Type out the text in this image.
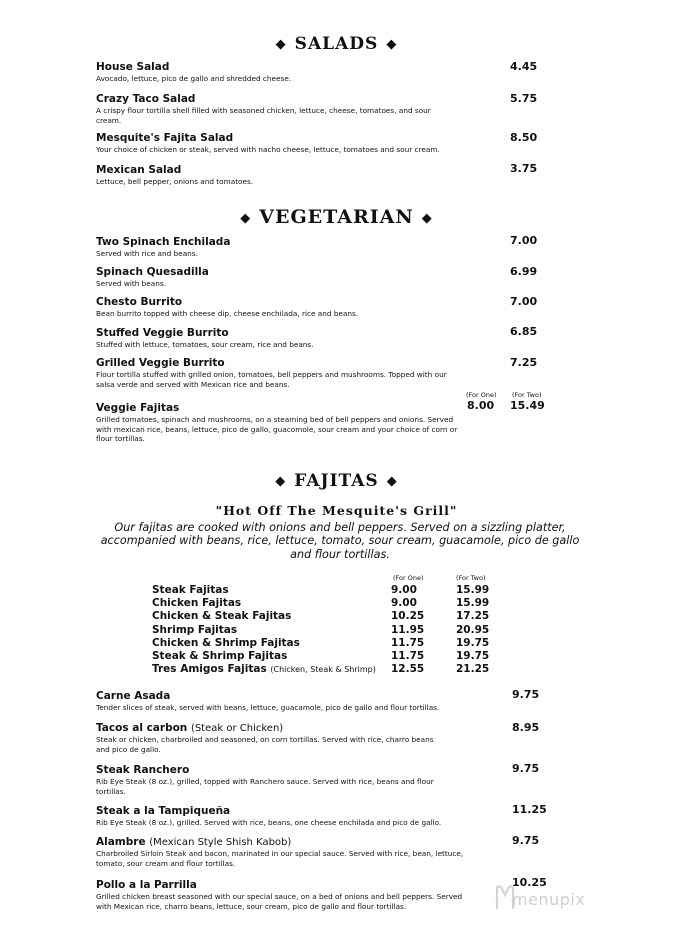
◆ SALADS ◆
House Salad
Avocado, lettuce, pico de gallo and shredded cheese.
4.45
Crazy Taco Salad
A crispy flour tortilla shell filled with seasoned chicken, lettuce, cheese, tomatoes, and sour cream.
5.75
Mesquite's Fajita Salad
Your choice of chicken or steak, served with nacho cheese, lettuce, tomatoes and sour cream.
8.50
Mexican Salad
Lettuce, bell pepper, onions and tomatoes.
3.75
◆ VEGETARIAN ◆
Two Spinach Enchilada
Served with rice and beans.
7.00
Spinach Quesadilla
Served with beans.
6.99
Chesto Burrito
Bean burrito topped with cheese dip, cheese enchilada, rice and beans.
7.00
Stuffed Veggie Burrito
Stuffed with lettuce, tomatoes, sour cream, rice and beans.
6.85
Grilled Veggie Burrito
Flour tortilla stuffed with grilled onion, tomatoes, bell peppers and mushrooms. Topped with our salsa verde and served with Mexican rice and beans.
7.25
(For One) (For Two)
Veggie Fajitas
Grilled tomatoes, spinach and mushrooms, on a steaming bed of bell peppers and onions. Served with mexican rice, beans, lettuce, pico de gallo, guacomole, sour cream and your choice of corn or flour tortillas.
8.00 15.49
◆ FAJITAS ◆
"Hot Off The Mesquite's Grill"
Our fajitas are cooked with onions and bell peppers. Served on a sizzling platter, accompanied with beans, rice, lettuce, tomato, sour cream, guacamole, pico de gallo and flour tortillas.
(For One)	(For Two)
Steak Fajitas	9.00	15.99
Chicken Fajitas	9.00	15.99
Chicken & Steak Fajitas	10.25	17.25
Shrimp Fajitas	11.95	20.95
Chicken & Shrimp Fajitas	11.75	19.75
Steak & Shrimp Fajitas	11.75	19.75
Tres Amigos Fajitas (Chicken, Steak & Shrimp) 12.55	21.25
Carne Asada
Tender slices of steak, served with beans, lettuce, guacamole, pico de gallo and flour tortillas.
9.75
Tacos al carbon (Steak or Chicken)
Steak or chicken, charbroiled and seasoned, on corn tortillas. Served with rice, charro beans and pico de gallo.
8.95
Steak Ranchero
Rib Eye Steak (8 oz.), grilled, topped with Ranchero sauce. Served with rice, beans and flour tortillas.
9.75
Steak a la Tampiqueña
Rib Eye Steak (8 oz.), grilled. Served with rice, beans, one cheese enchilada and pico de gallo.
11.25
Alambre (Mexican Style Shish Kabob)
Charbroiled Sirloin Steak and bacon, marinated in our special sauce. Served with rice, bean, lettuce, tomato, sour cream and flour tortillas.
9.75
Pollo a la Parrilla
Grilled chicken breast seasoned with our special sauce, on a bed of onions and bell peppers. Served with Mexican rice, charro beans, lettuce, sour cream, pico de gallo and flour tortillas.
10.25
menupix
